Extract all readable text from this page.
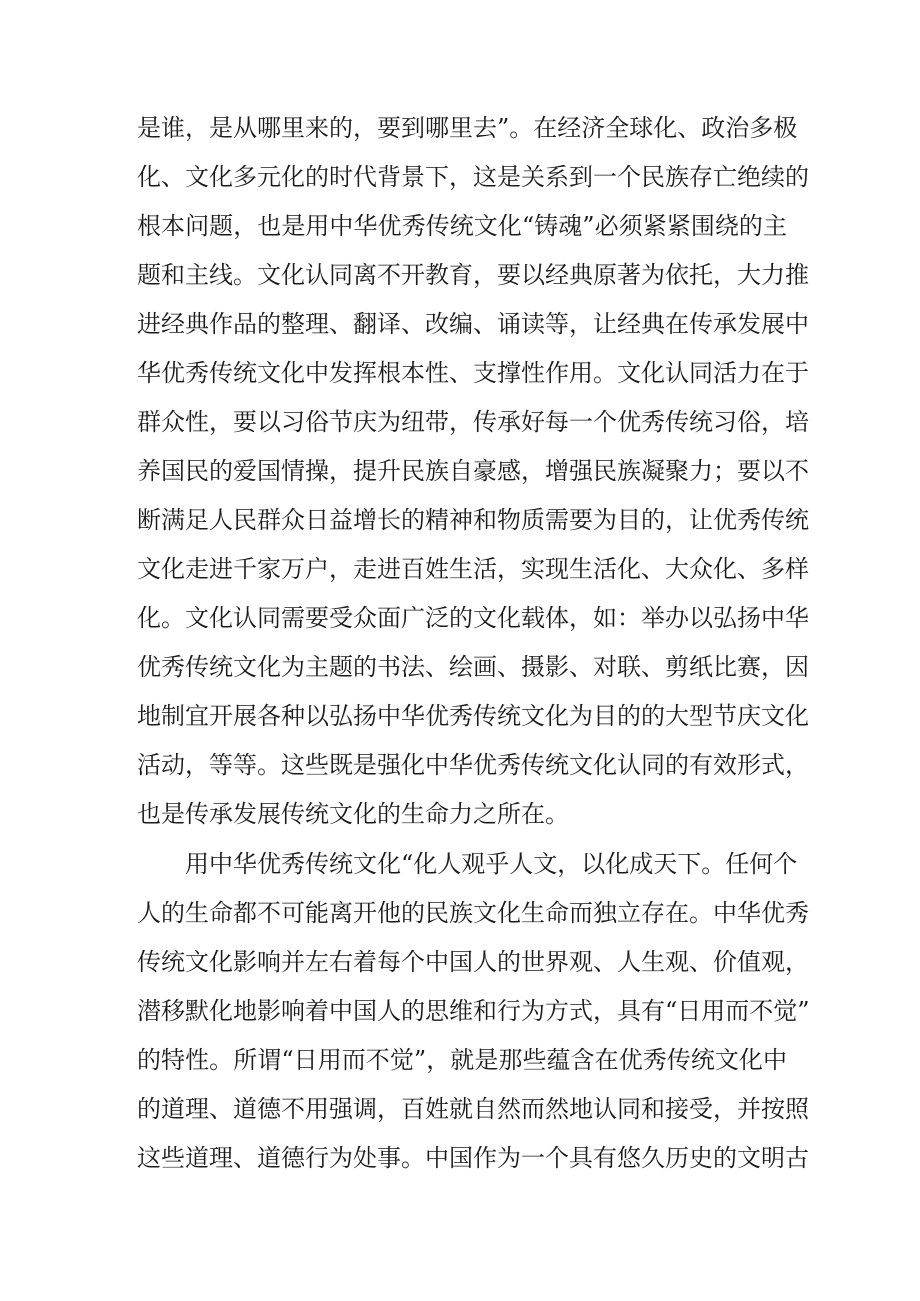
是谁，是从哪里来的，要到哪里去”。在经济全球化、政治多极
化、文化多元化的时代背景下，这是关系到一个民族存亡绝续的
根本问题，也是用中华优秀传统文化“铸魂”必须紧紧围绕的主
题和主线。文化认同离不开教育，要以经典原著为依托，大力推
进经典作品的整理、翻译、改编、诵读等，让经典在传承发展中
华优秀传统文化中发挥根本性、支撑性作用。文化认同活力在于
群众性，要以习俗节庆为纽带，传承好每一个优秀传统习俗，培
养国民的爱国情操，提升民族自豪感，增强民族凝聚力；要以不
断满足人民群众日益增长的精神和物质需要为目的，让优秀传统
文化走进千家万户，走进百姓生活，实现生活化、大众化、多样
化。文化认同需要受众面广泛的文化载体，如：举办以弘扬中华
优秀传统文化为主题的书法、绘画、摄影、对联、剪纸比赛，因
地制宜开展各种以弘扬中华优秀传统文化为目的的大型节庆文化
活动，等等。这些既是强化中华优秀传统文化认同的有效形式，
也是传承发展传统文化的生命力之所在。
用中华优秀传统文化“化人观乎人文，以化成天下。任何个
人的生命都不可能离开他的民族文化生命而独立存在。中华优秀
传统文化影响并左右着每个中国人的世界观、人生观、价值观，
潜移默化地影响着中国人的思维和行为方式，具有“日用而不觉”
的特性。所谓“日用而不觉”，就是那些蕴含在优秀传统文化中
的道理、道德不用强调，百姓就自然而然地认同和接受，并按照
这些道理、道德行为处事。中国作为一个具有悠久历史的文明古
